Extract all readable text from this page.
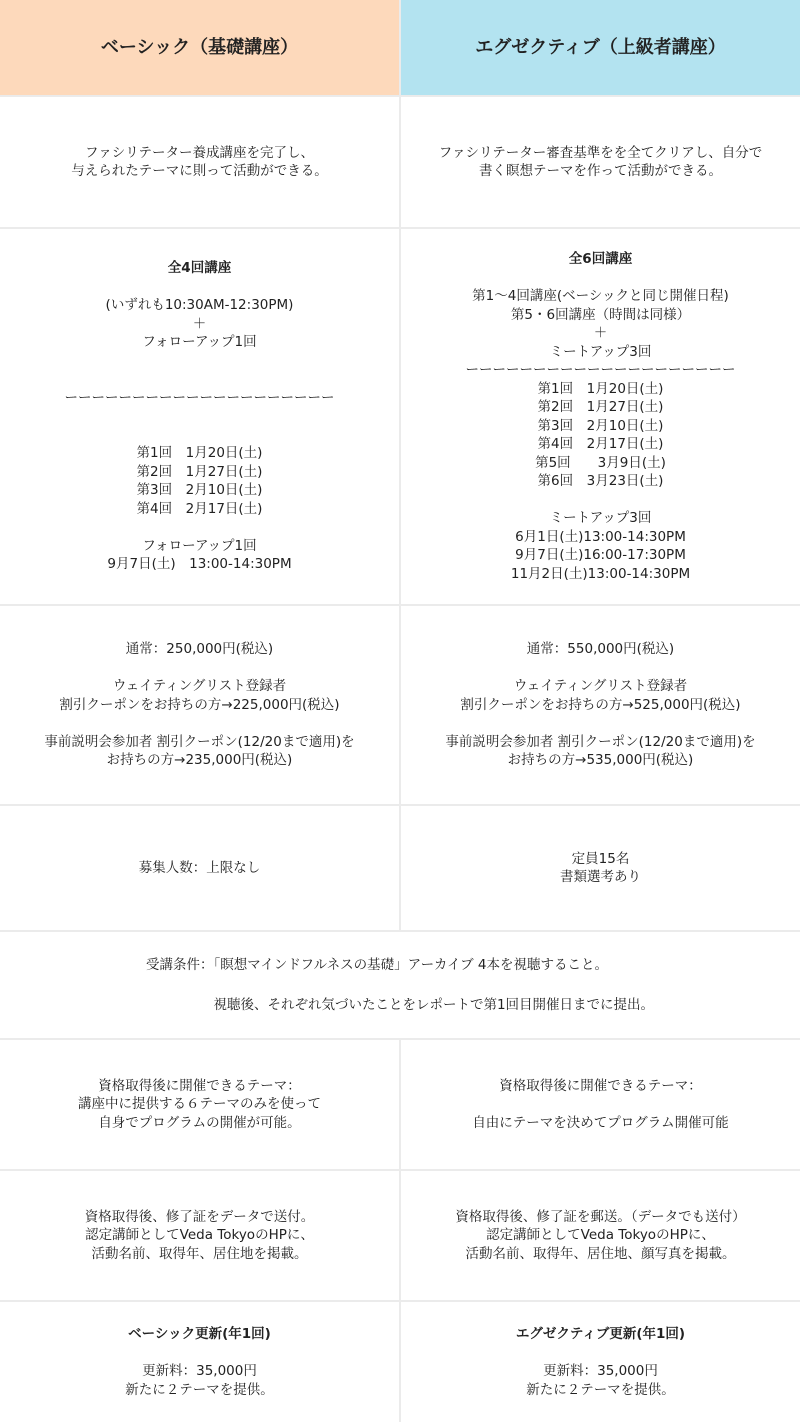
ベーシック（基礎講座）	エグゼクティブ（上級者講座）
ファシリテーター養成講座を完了し、
与えられたテーマに則って活動ができる。
ファシリテーター審査基準をを全てクリアし、自分で
書く瞑想テーマを作って活動ができる。

全4回講座

(いずれも10:30AM-12:30PM)
＋
フォローアップ1回

ーーーーーーーーーーーーーーーーーーーー

第1回　1月20日(土)
第2回　1月27日(土)
第3回　2月10日(土)
第4回　2月17日(土)

フォローアップ1回
9月7日(土)　13:00-14:30PM

全6回講座

第1〜4回講座(ベーシックと同じ開催日程)
第5・6回講座（時間は同様）
＋
ミートアップ3回
ーーーーーーーーーーーーーーーーーーーー
第1回　1月20日(土)
第2回　1月27日(土)
第3回　2月10日(土)
第4回　2月17日(土)
第5回　　3月9日(土)
第6回　3月23日(土)

ミートアップ3回
6月1日(土)13:00-14:30PM
9月7日(土)16:00-17:30PM
11月2日(土)13:00-14:30PM

通常：250,000円(税込)

ウェイティングリスト登録者
割引クーポンをお持ちの方→225,000円(税込)

事前説明会参加者 割引クーポン(12/20まで適用)を
お持ちの方→235,000円(税込)
通常：550,000円(税込)

ウェイティングリスト登録者
割引クーポンをお持ちの方→525,000円(税込)

事前説明会参加者 割引クーポン(12/20まで適用)を
お持ちの方→535,000円(税込)
募集人数：上限なし
定員15名
書類選考あり

受講条件：「瞑想マインドフルネスの基礎」アーカイブ 4本を視聴すること。

　　　　　視聴後、それぞれ気づいたことをレポートで第1回目開催日までに提出。

資格取得後に開催できるテーマ：
講座中に提供する６テーマのみを使って
自身でプログラムの開催が可能。
資格取得後に開催できるテーマ：

自由にテーマを決めてプログラム開催可能
資格取得後、修了証をデータで送付。
認定講師としてVeda TokyoのHPに、
活動名前、取得年、居住地を掲載。
資格取得後、修了証を郵送。（データでも送付）
認定講師としてVeda TokyoのHPに、
活動名前、取得年、居住地、顔写真を掲載。

ベーシック更新(年1回)

更新料：35,000円
新たに２テーマを提供。

エグゼクティブ更新(年1回)

更新料：35,000円
新たに２テーマを提供。
